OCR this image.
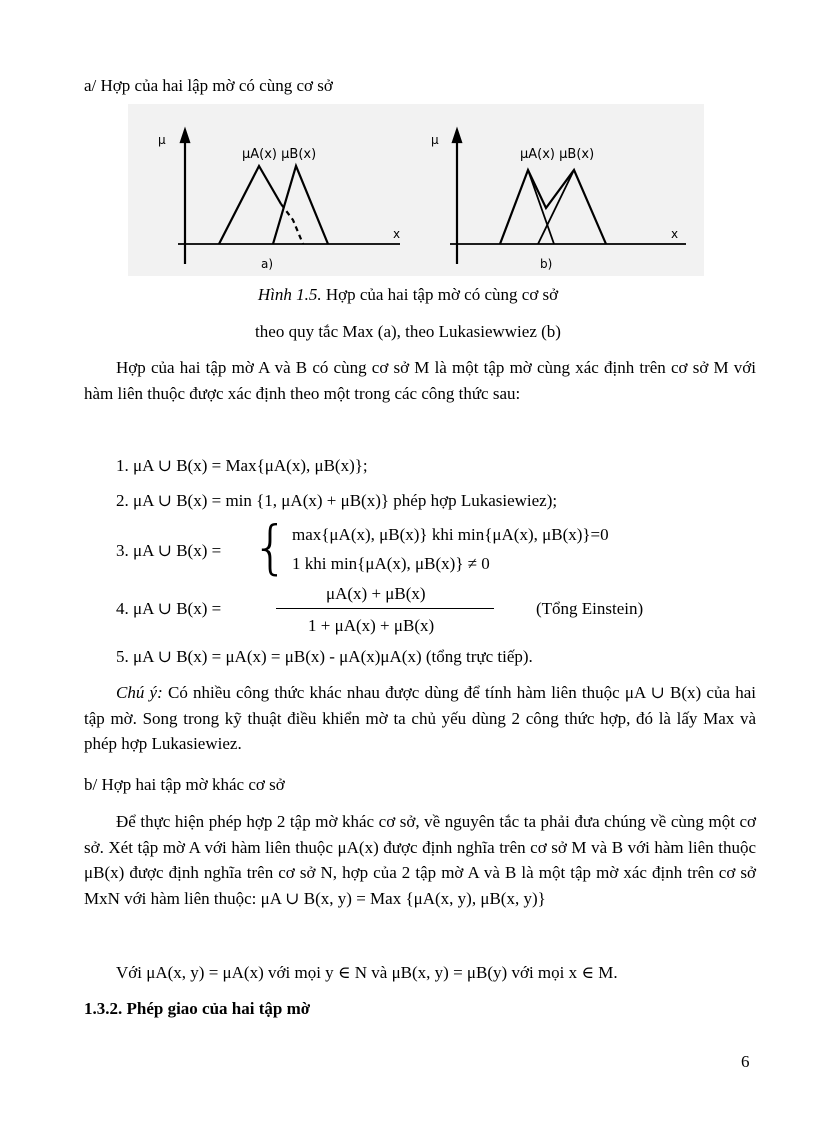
a/ Hợp của hai lập mờ có cùng cơ sở
μ
μA(x) μB(x)
x
a)
μ
μA(x) μB(x)
x
b)
Hình 1.5. Hợp của hai tập mờ có cùng cơ sở
theo quy tắc Max (a), theo Lukasiewwiez (b)
Hợp của hai tập mờ A và B có cùng cơ sở M là một tập mờ cùng xác định trên cơ sở M với hàm liên thuộc được xác định theo một trong các công thức sau:
1. μA ∪ B(x) = Max{μA(x), μB(x)};
2. μA ∪ B(x) = min {1, μA(x) + μB(x)} phép hợp Lukasiewiez);
3. μA ∪ B(x) = { max{μA(x), μB(x)} khi min{μA(x), μB(x)}=0
1 khi min{μA(x), μB(x)} ≠ 0
4. μA ∪ B(x) =
μA(x) + μB(x)
1 + μA(x) + μB(x)
(Tổng Einstein)
5. μA ∪ B(x) = μA(x) = μB(x) - μA(x)μA(x) (tổng trực tiếp).
Chú ý: Có nhiều công thức khác nhau được dùng để tính hàm liên thuộc μA ∪ B(x) của hai tập mờ. Song trong kỹ thuật điều khiển mờ ta chủ yếu dùng 2 công thức hợp, đó là lấy Max và phép hợp Lukasiewiez.
b/ Hợp hai tập mờ khác cơ sở
Để thực hiện phép hợp 2 tập mờ khác cơ sở, về nguyên tắc ta phải đưa chúng về cùng một cơ sở. Xét tập mờ A với hàm liên thuộc μA(x) được định nghĩa trên cơ sở M và B với hàm liên thuộc μB(x) được định nghĩa trên cơ sở N, hợp của 2 tập mờ A và B là một tập mờ xác định trên cơ sở MxN với hàm liên thuộc: μA ∪ B(x, y) = Max {μA(x, y), μB(x, y)}
Với μA(x, y) = μA(x) với mọi y ∈ N và μB(x, y) = μB(y) với mọi x ∈ M.
1.3.2. Phép giao của hai tập mờ
6
